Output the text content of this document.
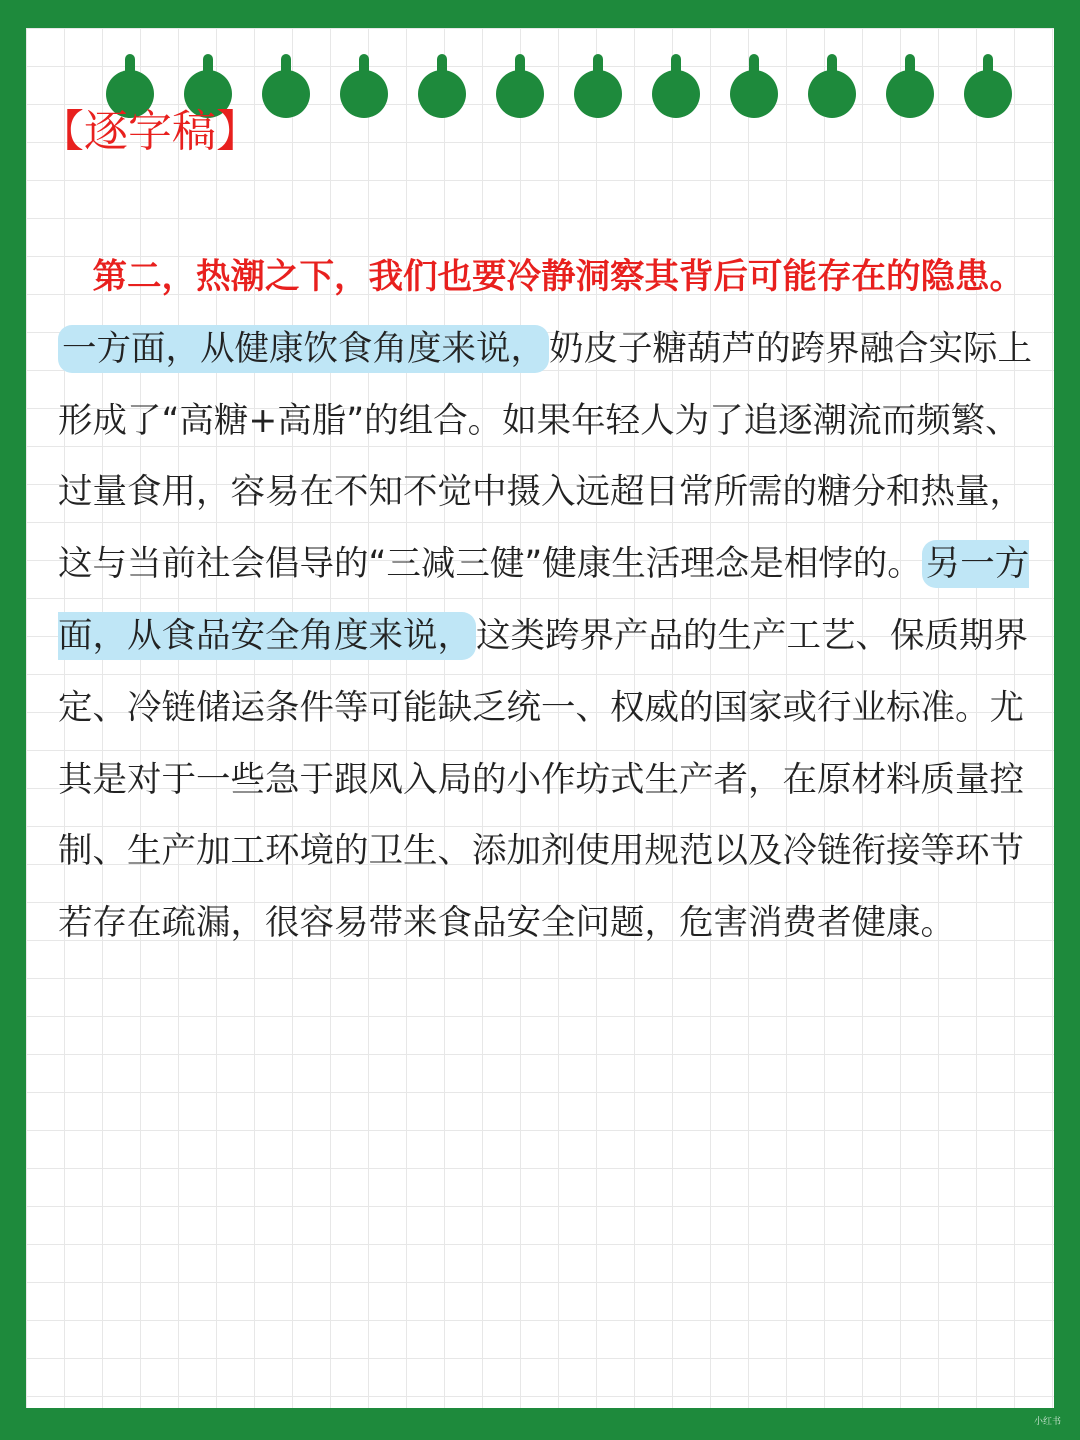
【逐字稿】

　第二，热潮之下，我们也要冷静洞察其背后可能存在的隐患。一方面，从健康饮食角度来说， 奶皮子糖葫芦的跨界融合实际上形成了“高糖+高脂”的组合。如果年轻人为了追逐潮流而频繁、过量食用，容易在不知不觉中摄入远超日常所需的糖分和热量，这与当前社会倡导的“三减三健”健康生活理念是相悖的。 另一方面，从食品安全角度来说， 这类跨界产品的生产工艺、保质期界定、冷链储运条件等可能缺乏统一、权威的国家或行业标准。尤其是对于一些急于跟风入局的小作坊式生产者，在原材料质量控制、生产加工环境的卫生、添加剂使用规范以及冷链衔接等环节若存在疏漏，很容易带来食品安全问题，危害消费者健康。

小红书
